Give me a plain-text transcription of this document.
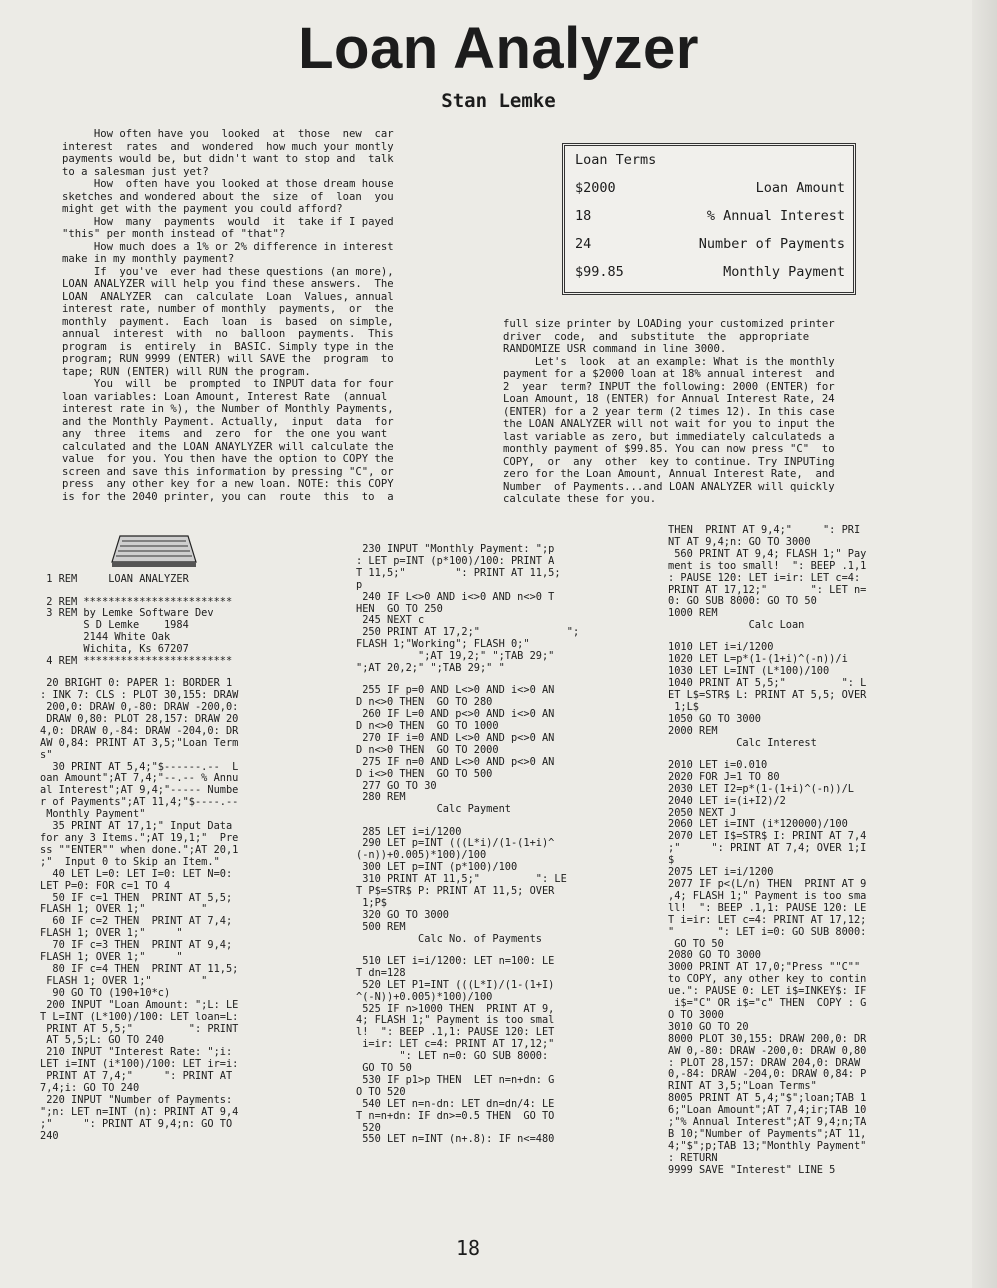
Loan Analyzer
Stan Lemke
How often have you  looked  at  those  new  car
interest  rates  and  wondered  how much your montly
payments would be, but didn't want to stop and  talk
to a salesman just yet?
How  often have you looked at those dream house
sketches and wondered about the  size  of  loan  you
might get with the payment you could afford?
How  many  payments  would  it  take if I payed
"this" per month instead of "that"?
How much does a 1% or 2% difference in interest
make in my monthly payment?
If  you've  ever had these questions (an more),
LOAN ANALYZER will help you find these answers.  The
LOAN  ANALYZER  can  calculate  Loan  Values, annual
interest rate, number of monthly  payments,  or  the
monthly  payment.  Each  loan  is  based  on simple,
annual  interest  with  no  balloon  payments.  This
program  is  entirely  in  BASIC. Simply type in the
program; RUN 9999 (ENTER) will SAVE the  program  to
tape; RUN (ENTER) will RUN the program.
You  will  be  prompted  to INPUT data for four
loan variables: Loan Amount, Interest Rate  (annual
interest rate in %), the Number of Monthly Payments,
and the Monthly Payment. Actually,  input  data  for
any  three  items  and  zero  for  the one you want
calculated and the LOAN ANAYLYZER will calculate the
value  for you. You then have the option to COPY the
screen and save this information by pressing "C", or
press  any other key for a new loan. NOTE: this COPY
is for the 2040 printer, you can  route  this  to  a
Loan Terms
$2000	Loan Amount
18	% Annual Interest
24	Number of Payments
$99.85	Monthly Payment
full size printer by LOADing your customized printer
driver  code,  and  substitute  the  appropriate
RANDOMIZE USR command in line 3000.
Let's  look  at an example: What is the monthly
payment for a $2000 loan at 18% annual interest  and
2  year  term? INPUT the following: 2000 (ENTER) for
Loan Amount, 18 (ENTER) for Annual Interest Rate, 24
(ENTER) for a 2 year term (2 times 12). In this case
the LOAN ANALYZER will not wait for you to input the
last variable as zero, but immediately calculateds a
monthly payment of $99.85. You can now press "C"  to
COPY,  or  any  other  key to continue. Try INPUTing
zero for the Loan Amount, Annual Interest Rate,  and
Number  of Payments...and LOAN ANALYZER will quickly
calculate these for you.
1 REM     LOAN ANALYZER
2 REM ************************
3 REM by Lemke Software Dev
S D Lemke    1984
2144 White Oak
Wichita, Ks 67207
4 REM ************************
20 BRIGHT 0: PAPER 1: BORDER 1
: INK 7: CLS : PLOT 30,155: DRAW
200,0: DRAW 0,-80: DRAW -200,0:
DRAW 0,80: PLOT 28,157: DRAW 20
4,0: DRAW 0,-84: DRAW -204,0: DR
AW 0,84: PRINT AT 3,5;"Loan Term
s"
30 PRINT AT 5,4;"$------.--  L
oan Amount";AT 7,4;"--.-- % Annu
al Interest";AT 9,4;"----- Numbe
r of Payments";AT 11,4;"$----.--
Monthly Payment"
35 PRINT AT 17,1;" Input Data
for any 3 Items.";AT 19,1;"  Pre
ss ""ENTER"" when done.";AT 20,1
;"  Input 0 to Skip an Item."
40 LET L=0: LET I=0: LET N=0:
LET P=0: FOR c=1 TO 4
50 IF c=1 THEN  PRINT AT 5,5;
FLASH 1; OVER 1;"         "
60 IF c=2 THEN  PRINT AT 7,4;
FLASH 1; OVER 1;"     "
70 IF c=3 THEN  PRINT AT 9,4;
FLASH 1; OVER 1;"     "
80 IF c=4 THEN  PRINT AT 11,5;
FLASH 1; OVER 1;"        "
90 GO TO (190+10*c)
200 INPUT "Loan Amount: ";L: LE
T L=INT (L*100)/100: LET loan=L:
PRINT AT 5,5;"         ": PRINT
AT 5,5;L: GO TO 240
210 INPUT "Interest Rate: ";i:
LET i=INT (i*100)/100: LET ir=i:
PRINT AT 7,4;"     ": PRINT AT
7,4;i: GO TO 240
220 INPUT "Number of Payments:
";n: LET n=INT (n): PRINT AT 9,4
;"     ": PRINT AT 9,4;n: GO TO
240
230 INPUT "Monthly Payment: ";p
: LET p=INT (p*100)/100: PRINT A
T 11,5;"        ": PRINT AT 11,5;
p
240 IF L<>0 AND i<>0 AND n<>0 T
HEN  GO TO 250
245 NEXT c
250 PRINT AT 17,2;"              ";
FLASH 1;"Working"; FLASH 0;"
";AT 19,2;" ";TAB 29;"
";AT 20,2;" ";TAB 29;" "
255 IF p=0 AND L<>0 AND i<>0 AN
D n<>0 THEN  GO TO 280
260 IF L=0 AND p<>0 AND i<>0 AN
D n<>0 THEN  GO TO 1000
270 IF i=0 AND L<>0 AND p<>0 AN
D n<>0 THEN  GO TO 2000
275 IF n=0 AND L<>0 AND p<>0 AN
D i<>0 THEN  GO TO 500
277 GO TO 30
280 REM
Calc Payment
285 LET i=i/1200
290 LET p=INT (((L*i)/(1-(1+i)^
(-n))+0.005)*100)/100
300 LET p=INT (p*100)/100
310 PRINT AT 11,5;"         ": LE
T P$=STR$ P: PRINT AT 11,5; OVER
1;P$
320 GO TO 3000
500 REM
Calc No. of Payments
510 LET i=i/1200: LET n=100: LE
T dn=128
520 LET P1=INT (((L*I)/(1-(1+I)
^(-N))+0.005)*100)/100
525 IF n>1000 THEN  PRINT AT 9,
4; FLASH 1;" Payment is too smal
l!  ": BEEP .1,1: PAUSE 120: LET
i=ir: LET c=4: PRINT AT 17,12;"
": LET n=0: GO SUB 8000:
GO TO 50
530 IF p1>p THEN  LET n=n+dn: G
O TO 520
540 LET n=n-dn: LET dn=dn/4: LE
T n=n+dn: IF dn>=0.5 THEN  GO TO
520
550 LET n=INT (n+.8): IF n<=480
THEN  PRINT AT 9,4;"     ": PRI
NT AT 9,4;n: GO TO 3000
560 PRINT AT 9,4; FLASH 1;" Pay
ment is too small!  ": BEEP .1,1
: PAUSE 120: LET i=ir: LET c=4:
PRINT AT 17,12;"       ": LET n=
0: GO SUB 8000: GO TO 50
1000 REM
Calc Loan
1010 LET i=i/1200
1020 LET L=p*(1-(1+i)^(-n))/i
1030 LET L=INT (L*100)/100
1040 PRINT AT 5,5;"         ": L
ET L$=STR$ L: PRINT AT 5,5; OVER
1;L$
1050 GO TO 3000
2000 REM
Calc Interest
2010 LET i=0.010
2020 FOR J=1 TO 80
2030 LET I2=p*(1-(1+i)^(-n))/L
2040 LET i=(i+I2)/2
2050 NEXT J
2060 LET i=INT (i*120000)/100
2070 LET I$=STR$ I: PRINT AT 7,4
;"     ": PRINT AT 7,4; OVER 1;I
$
2075 LET i=i/1200
2077 IF p<(L/n) THEN  PRINT AT 9
,4; FLASH 1;" Payment is too sma
ll!  ": BEEP .1,1: PAUSE 120: LE
T i=ir: LET c=4: PRINT AT 17,12;
"       ": LET i=0: GO SUB 8000:
GO TO 50
2080 GO TO 3000
3000 PRINT AT 17,0;"Press ""C""
to COPY, any other key to contin
ue.": PAUSE 0: LET i$=INKEY$: IF
i$="C" OR i$="c" THEN  COPY : G
O TO 3000
3010 GO TO 20
8000 PLOT 30,155: DRAW 200,0: DR
AW 0,-80: DRAW -200,0: DRAW 0,80
: PLOT 28,157: DRAW 204,0: DRAW
0,-84: DRAW -204,0: DRAW 0,84: P
RINT AT 3,5;"Loan Terms"
8005 PRINT AT 5,4;"$";loan;TAB 1
6;"Loan Amount";AT 7,4;ir;TAB 10
;"% Annual Interest";AT 9,4;n;TA
B 10;"Number of Payments";AT 11,
4;"$";p;TAB 13;"Monthly Payment"
: RETURN
9999 SAVE "Interest" LINE 5
18
